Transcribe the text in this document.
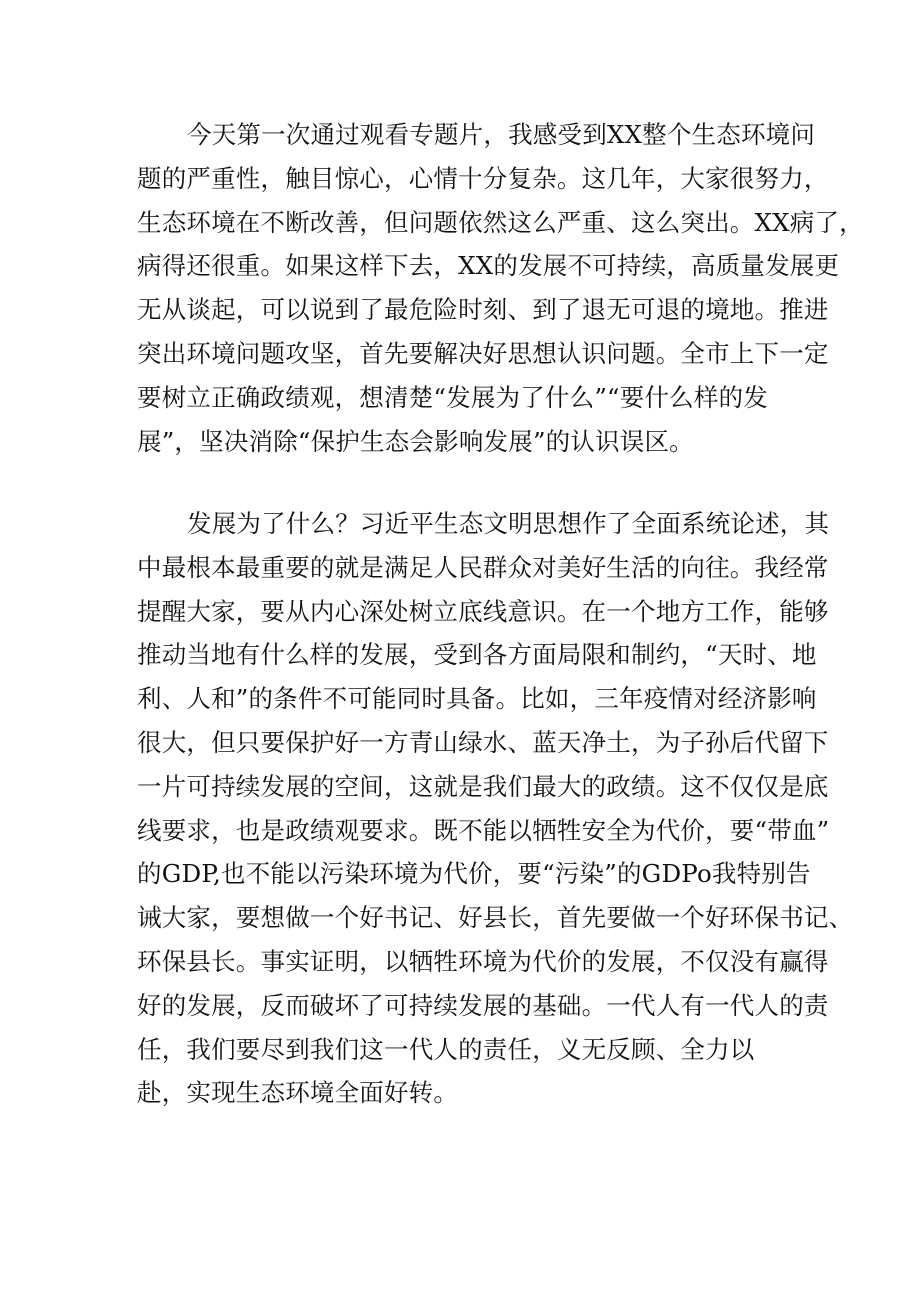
今天第一次通过观看专题片，我感受到XX整个生态环境问
题的严重性，触目惊心，心情十分复杂。这几年，大家很努力，
生态环境在不断改善，但问题依然这么严重、这么突出。XX病了，
病得还很重。如果这样下去，XX的发展不可持续，高质量发展更
无从谈起，可以说到了最危险时刻、到了退无可退的境地。推进
突出环境问题攻坚，首先要解决好思想认识问题。全市上下一定
要树立正确政绩观，想清楚“发展为了什么”“要什么样的发
展”，坚决消除“保护生态会影响发展”的认识误区。
发展为了什么？习近平生态文明思想作了全面系统论述，其
中最根本最重要的就是满足人民群众对美好生活的向往。我经常
提醒大家，要从内心深处树立底线意识。在一个地方工作，能够
推动当地有什么样的发展，受到各方面局限和制约，“天时、地
利、人和”的条件不可能同时具备。比如，三年疫情对经济影响
很大，但只要保护好一方青山绿水、蓝天净土，为子孙后代留下
一片可持续发展的空间，这就是我们最大的政绩。这不仅仅是底
线要求，也是政绩观要求。既不能以牺牲安全为代价，要“带血”
的GDP,也不能以污染环境为代价，要“污染”的GDPo我特别告
诫大家，要想做一个好书记、好县长，首先要做一个好环保书记、
环保县长。事实证明，以牺牲环境为代价的发展，不仅没有赢得
好的发展，反而破坏了可持续发展的基础。一代人有一代人的责
任，我们要尽到我们这一代人的责任，义无反顾、全力以
赴，实现生态环境全面好转。
